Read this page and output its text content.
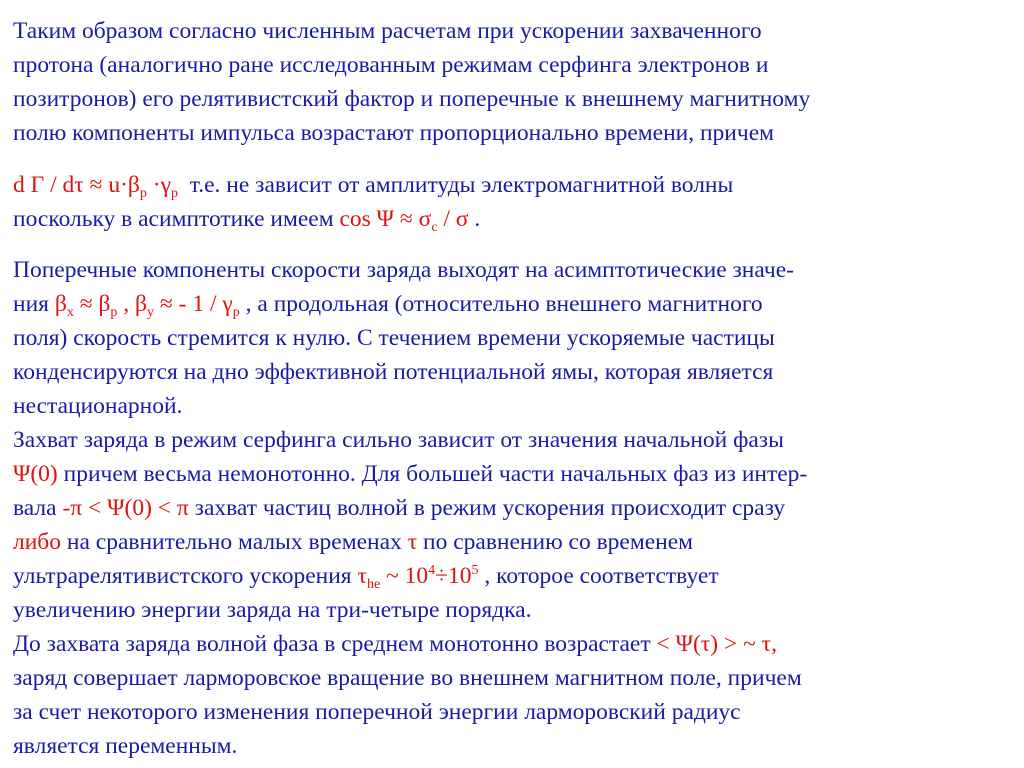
Таким образом согласно численным расчетам при ускорении захваченного
протона (аналогично ране исследованным режимам серфинга электронов и
позитронов) его релятивистский фактор и поперечные к внешнему магнитному
полю компоненты импульса возрастают пропорционально времени, причем
d $\Gamma / d\tau \approx u\cdot\beta_p \cdot\gamma_p$ т.е. не зависит от амплитуды электромагнитной волны
поскольку в асимптотике имеем $\cos \Psi \approx \sigma_c / \sigma$ .
Поперечные компоненты скорости заряда выходят на асимптотические значе-
ния $\beta_x \approx \beta_p$ , $\beta_y$ ≈ - $1 / \gamma_p$ , а продольная (относительно внешнего магнитного
поля) скорость стремится к нулю. С течением времени ускоряемые частицы
конденсируются на дно эффективной потенциальной ямы, которая является
нестационарной.
Захват заряда в режим серфинга сильно зависит от значения начальной фазы
Ψ(0) причем весьма немонотонно. Для большей части начальных фаз из интер-
вала -π < Ψ(0) < π захват частиц волной в режим ускорения происходит сразу
либо на сравнительно малых временах τ по сравнению со временем
ультрарелятивистского ускорения $\tau_{he}$ ~ $10^4\div 10^5$ , которое соответствует
увеличению энергии заряда на три-четыре порядка.
До захвата заряда волной фаза в среднем монотонно возрастает < Ψ(τ) > ~ τ,
заряд совершает ларморовское вращение во внешнем магнитном поле, причем
за счет некоторого изменения поперечной энергии ларморовский радиус
является переменным.
